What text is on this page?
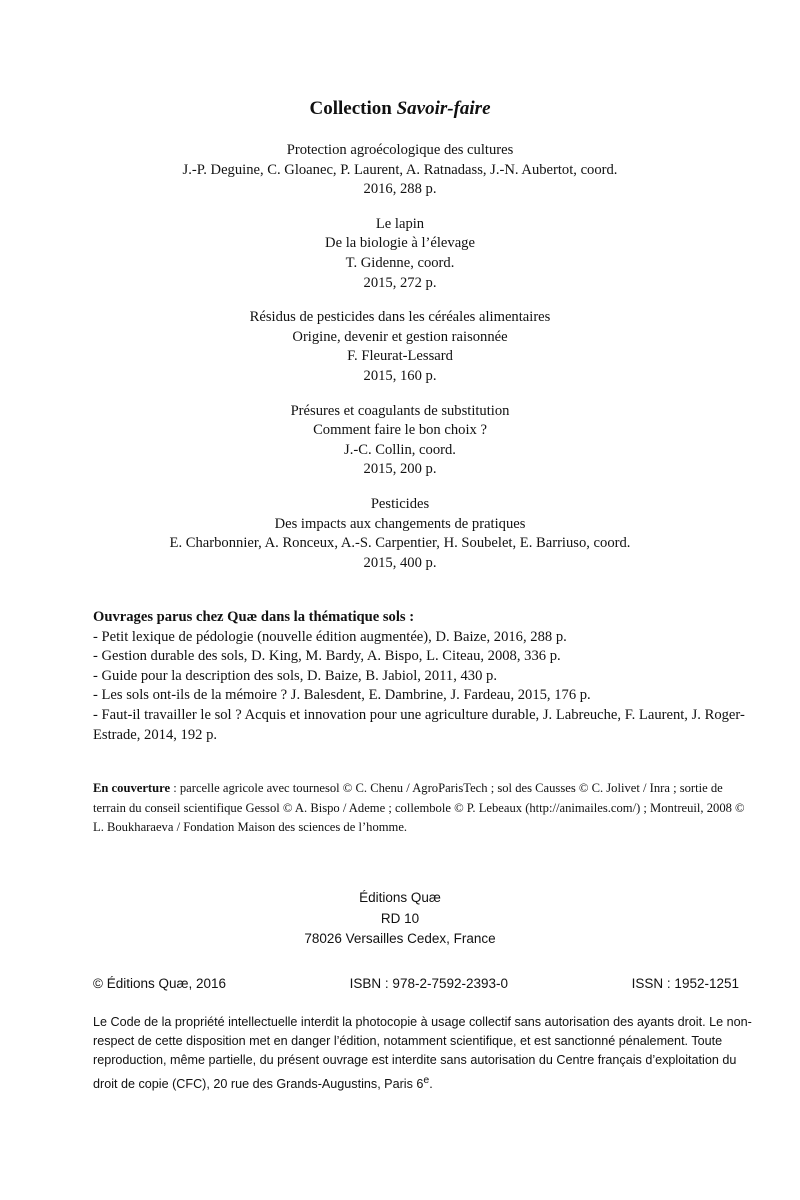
Collection Savoir-faire
Protection agroécologique des cultures
J.-P. Deguine, C. Gloanec, P. Laurent, A. Ratnadass, J.-N. Aubertot, coord.
2016, 288 p.
Le lapin
De la biologie à l’élevage
T. Gidenne, coord.
2015, 272 p.
Résidus de pesticides dans les céréales alimentaires
Origine, devenir et gestion raisonnée
F. Fleurat-Lessard
2015, 160 p.
Présures et coagulants de substitution
Comment faire le bon choix ?
J.-C. Collin, coord.
2015, 200 p.
Pesticides
Des impacts aux changements de pratiques
E. Charbonnier, A. Ronceux, A.-S. Carpentier, H. Soubelet, E. Barriuso, coord.
2015, 400 p.
Ouvrages parus chez Quæ dans la thématique sols :
- Petit lexique de pédologie (nouvelle édition augmentée), D. Baize, 2016, 288 p.
- Gestion durable des sols, D. King, M. Bardy, A. Bispo, L. Citeau, 2008, 336 p.
- Guide pour la description des sols, D. Baize, B. Jabiol, 2011, 430 p.
- Les sols ont-ils de la mémoire ? J. Balesdent, E. Dambrine, J. Fardeau, 2015, 176 p.
- Faut-il travailler le sol ? Acquis et innovation pour une agriculture durable, J. Labreuche, F. Laurent, J. Roger-Estrade, 2014, 192 p.
En couverture : parcelle agricole avec tournesol © C. Chenu / AgroParisTech ; sol des Causses © C. Jolivet / Inra ; sortie de terrain du conseil scientifique Gessol © A. Bispo / Ademe ; collembole © P. Lebeaux (http://animailes.com/) ; Montreuil, 2008 © L. Boukharaeva / Fondation Maison des sciences de l’homme.
Éditions Quæ
RD 10
78026 Versailles Cedex, France
© Éditions Quæ, 2016	ISBN : 978-2-7592-2393-0	ISSN : 1952-1251
Le Code de la propriété intellectuelle interdit la photocopie à usage collectif sans autorisation des ayants droit. Le non-respect de cette disposition met en danger l’édition, notamment scientifique, et est sanctionné pénalement. Toute reproduction, même partielle, du présent ouvrage est interdite sans autorisation du Centre français d’exploitation du droit de copie (CFC), 20 rue des Grands-Augustins, Paris 6e.
